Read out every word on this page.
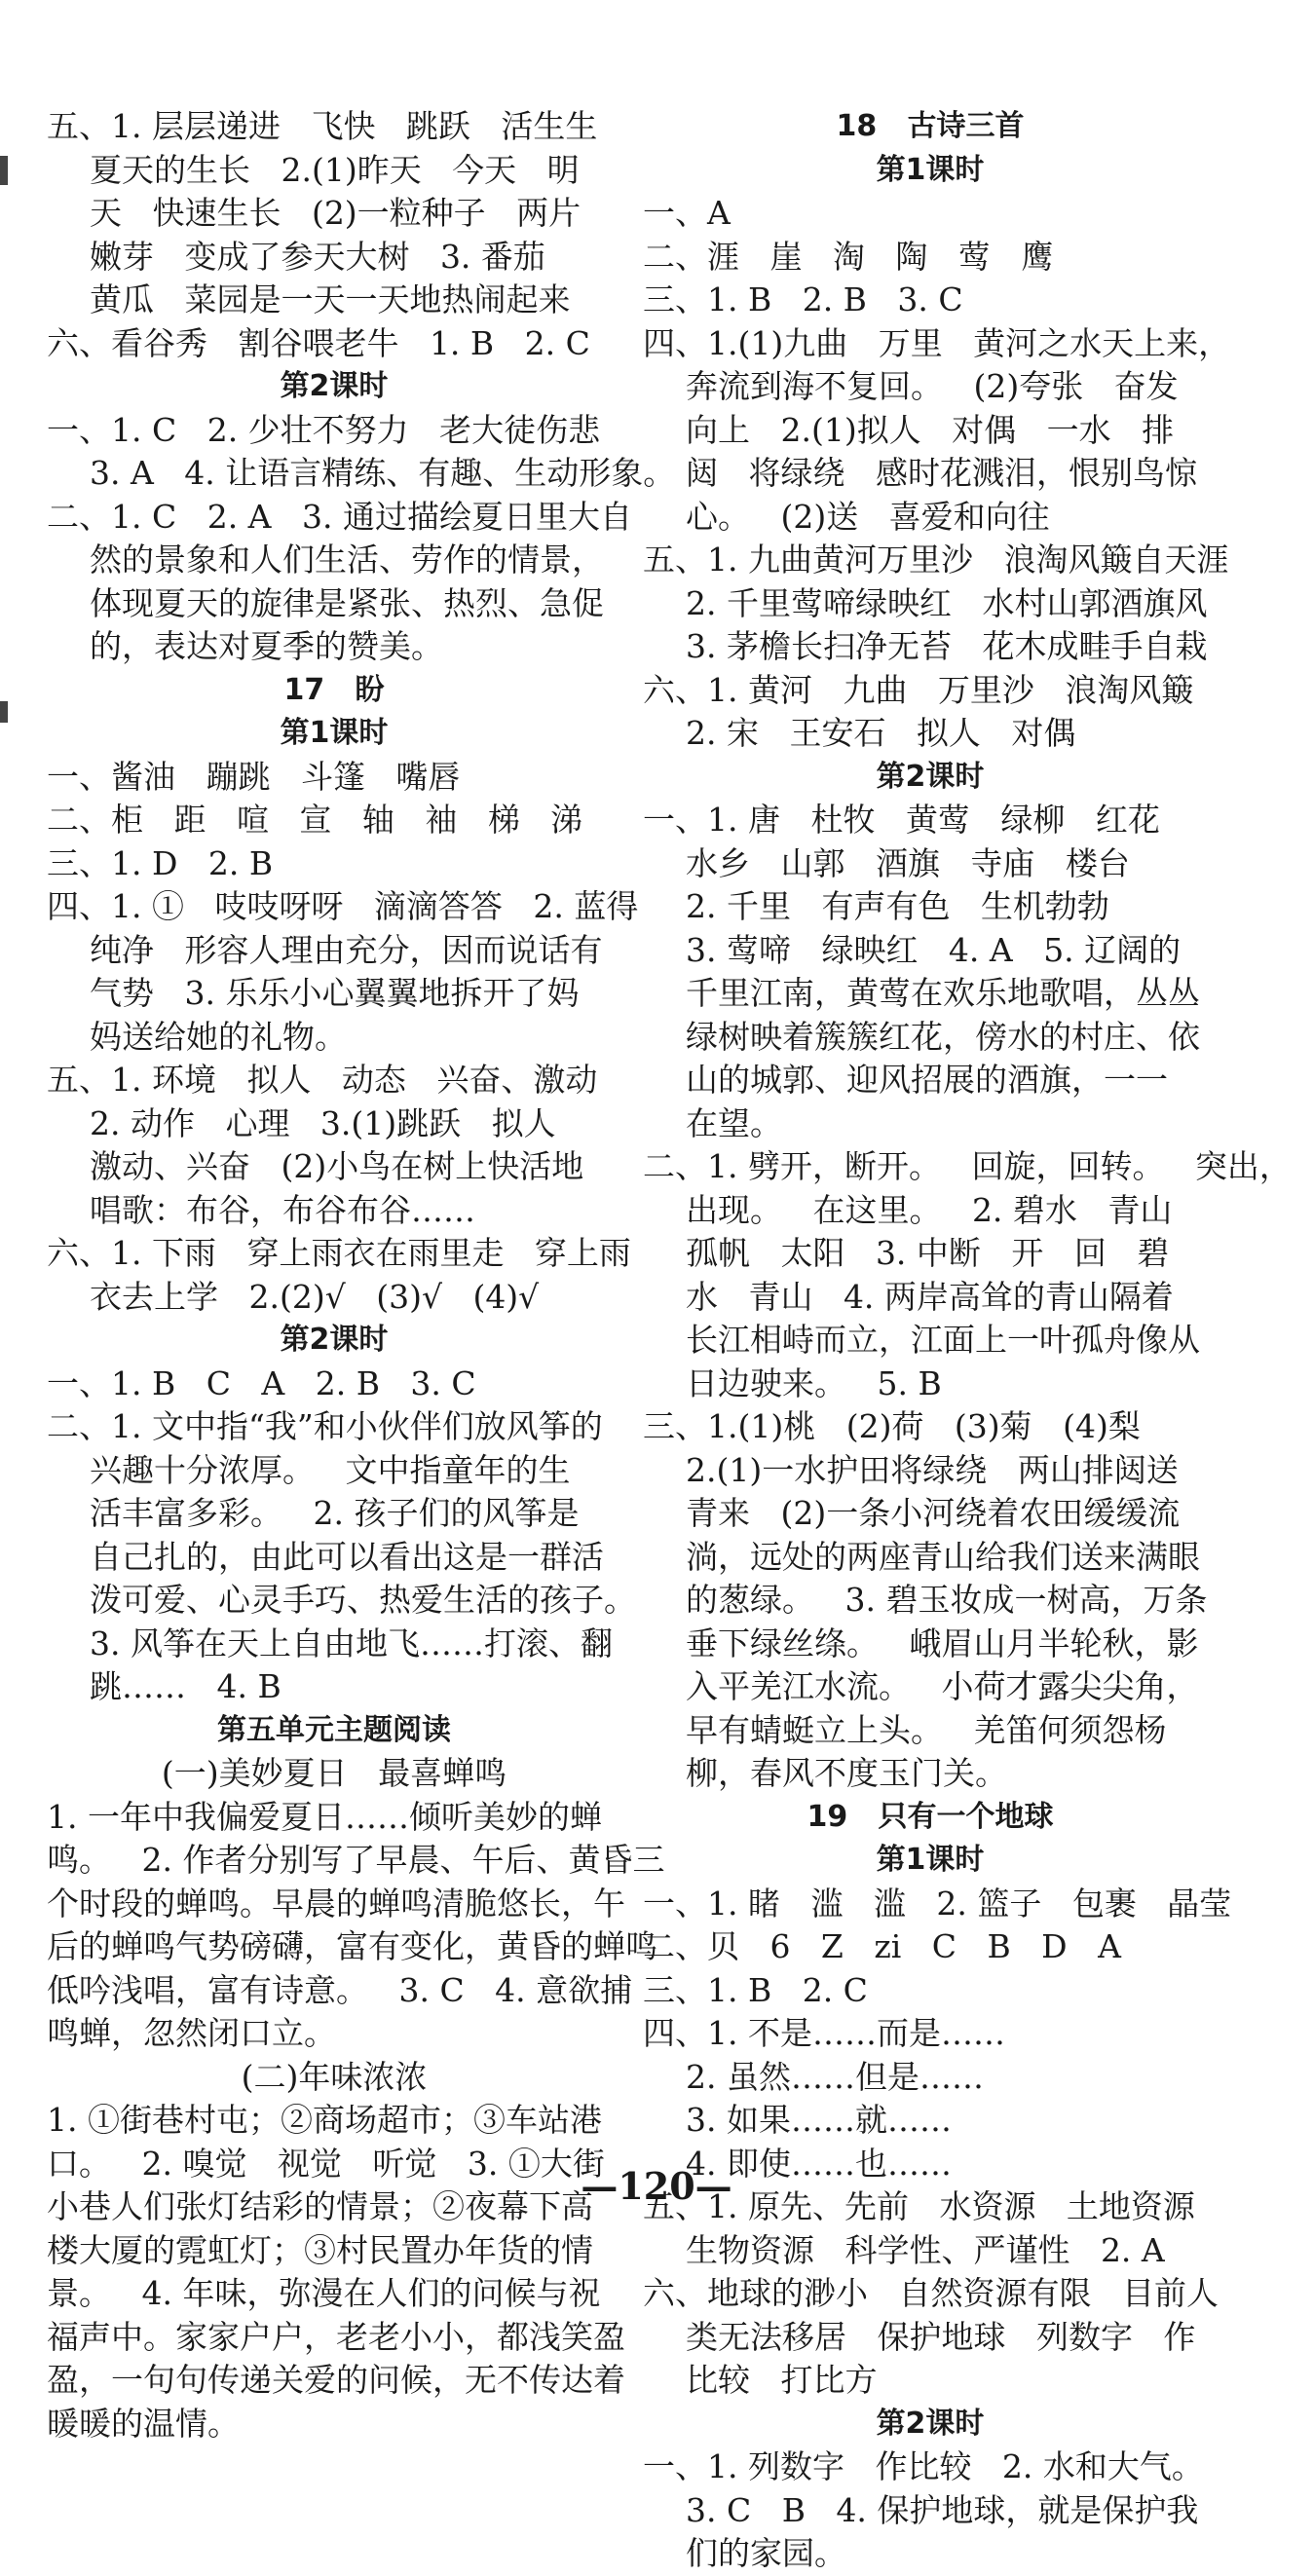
五、1. 层层递进   飞快   跳跃   活生生
夏天的生长   2.(1)昨天   今天   明
天   快速生长   (2)一粒种子   两片
嫩芽   变成了参天大树   3. 番茄
黄瓜   菜园是一天一天地热闹起来
六、看谷秀   割谷喂老牛   1. B   2. C
第2课时
一、1. C   2. 少壮不努力   老大徒伤悲
3. A   4. 让语言精练、有趣、生动形象。
二、1. C   2. A   3. 通过描绘夏日里大自
然的景象和人们生活、劳作的情景，
体现夏天的旋律是紧张、热烈、急促
的，表达对夏季的赞美。
17   盼
第1课时
一、酱油   蹦跳   斗篷   嘴唇
二、柜   距   喧   宣   轴   袖   梯   涕
三、1. D   2. B
四、1. ①   吱吱呀呀   滴滴答答   2. 蓝得
纯净   形容人理由充分，因而说话有
气势   3. 乐乐小心翼翼地拆开了妈
妈送给她的礼物。
五、1. 环境   拟人   动态   兴奋、激动
2. 动作   心理   3.(1)跳跃   拟人
激动、兴奋   (2)小鸟在树上快活地
唱歌：布谷，布谷布谷……
六、1. 下雨   穿上雨衣在雨里走   穿上雨
衣去上学   2.(2)√   (3)√   (4)√
第2课时
一、1. B   C   A   2. B   3. C
二、1. 文中指“我”和小伙伴们放风筝的
兴趣十分浓厚。   文中指童年的生
活丰富多彩。   2. 孩子们的风筝是
自己扎的，由此可以看出这是一群活
泼可爱、心灵手巧、热爱生活的孩子。
3. 风筝在天上自由地飞……打滚、翻
跳……   4. B
第五单元主题阅读
(一)美妙夏日   最喜蝉鸣
1. 一年中我偏爱夏日……倾听美妙的蝉
鸣。   2. 作者分别写了早晨、午后、黄昏三
个时段的蝉鸣。早晨的蝉鸣清脆悠长，午
后的蝉鸣气势磅礴，富有变化，黄昏的蝉鸣
低吟浅唱，富有诗意。   3. C   4. 意欲捕
鸣蝉，忽然闭口立。
(二)年味浓浓
1. ①街巷村屯；②商场超市；③车站港
口。   2. 嗅觉   视觉   听觉   3. ①大街
小巷人们张灯结彩的情景；②夜幕下高
楼大厦的霓虹灯；③村民置办年货的情
景。   4. 年味，弥漫在人们的问候与祝
福声中。家家户户，老老小小，都浅笑盈
盈，一句句传递关爱的问候，无不传达着
暖暖的温情。
18   古诗三首
第1课时
一、A
二、涯   崖   淘   陶   莺   鹰
三、1. B   2. B   3. C
四、1.(1)九曲   万里   黄河之水天上来，
奔流到海不复回。   (2)夸张   奋发
向上   2.(1)拟人   对偶   一水   排
闼   将绿绕   感时花溅泪，恨别鸟惊
心。   (2)送   喜爱和向往
五、1. 九曲黄河万里沙   浪淘风簸自天涯
2. 千里莺啼绿映红   水村山郭酒旗风
3. 茅檐长扫净无苔   花木成畦手自栽
六、1. 黄河   九曲   万里沙   浪淘风簸
2. 宋   王安石   拟人   对偶
第2课时
一、1. 唐   杜牧   黄莺   绿柳   红花
水乡   山郭   酒旗   寺庙   楼台
2. 千里   有声有色   生机勃勃
3. 莺啼   绿映红   4. A   5. 辽阔的
千里江南，黄莺在欢乐地歌唱，丛丛
绿树映着簇簇红花，傍水的村庄、依
山的城郭、迎风招展的酒旗，一一
在望。
二、1. 劈开，断开。   回旋，回转。   突出，
出现。   在这里。   2. 碧水   青山
孤帆   太阳   3. 中断   开   回   碧
水   青山   4. 两岸高耸的青山隔着
长江相峙而立，江面上一叶孤舟像从
日边驶来。   5. B
三、1.(1)桃   (2)荷   (3)菊   (4)梨
2.(1)一水护田将绿绕   两山排闼送
青来   (2)一条小河绕着农田缓缓流
淌，远处的两座青山给我们送来满眼
的葱绿。   3. 碧玉妆成一树高，万条
垂下绿丝绦。   峨眉山月半轮秋，影
入平羌江水流。   小荷才露尖尖角，
早有蜻蜓立上头。   羌笛何须怨杨
柳，春风不度玉门关。
19   只有一个地球
第1课时
一、1. 睹   滥   滥   2. 篮子   包裹   晶莹
二、贝   6   Z   zi   C   B   D   A
三、1. B   2. C
四、1. 不是……而是……
2. 虽然……但是……
3. 如果……就……
4. 即使……也……
五、1. 原先、先前   水资源   土地资源
生物资源   科学性、严谨性   2. A
六、地球的渺小   自然资源有限   目前人
类无法移居   保护地球   列数字   作
比较   打比方
第2课时
一、1. 列数字   作比较   2. 水和大气。
3. C   B   4. 保护地球，就是保护我
们的家园。
—120—
